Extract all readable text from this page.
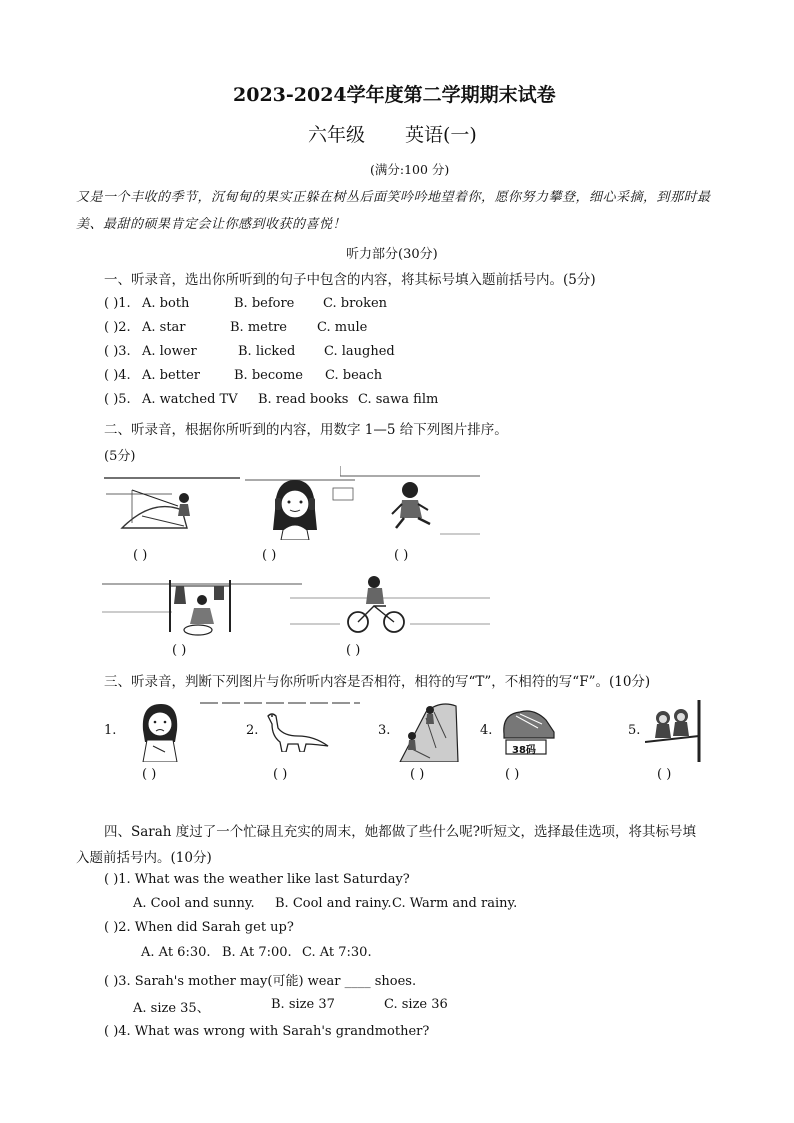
2023-2024学年度第二学期期末试卷
六年级 英语(一)
(满分:100 分)
又是一个丰收的季节，沉甸甸的果实正躲在树丛后面笑吟吟地望着你，愿你努力攀登，细心采摘，到那时最美、最甜的硕果肯定会让你感到收获的喜悦！
听力部分(30分)
一、听录音，选出你所听到的句子中包含的内容，将其标号填入题前括号内。(5分)
( )1. A. both	B. before C. broken
( )2. A. star	B. metre C. mule
( )3. A. lower	B. licked C. laughed
( )4. A. better	B. become C. beach
( )5. A. watched TV B. read books C. sawa film
二、听录音，根据你所听到的内容，用数字 1—5 给下列图片排序。
(5分)
( )	( )	( )
( )	( )
三、听录音，判断下列图片与你所听内容是否相符，相符的写“T”，不相符的写“F”。(10分)
1.
( )
2.
( )
3.
( )
4.
38码
( )
5.
( )
四、Sarah 度过了一个忙碌且充实的周末，她都做了些什么呢?听短文，选择最佳选项，将其标号填
入题前括号内。(10分)
( )1. What was the weather like last Saturday?
A. Cool and sunny. B. Cool and rainy. C. Warm and rainy.
( )2. When did Sarah get up?
A. At 6:30. B. At 7:00. C. At 7:30.
( )3. Sarah's mother may(可能) wear ____ shoes.
A. size 35、	B. size 37	C. size 36
( )4. What was wrong with Sarah's grandmother?
